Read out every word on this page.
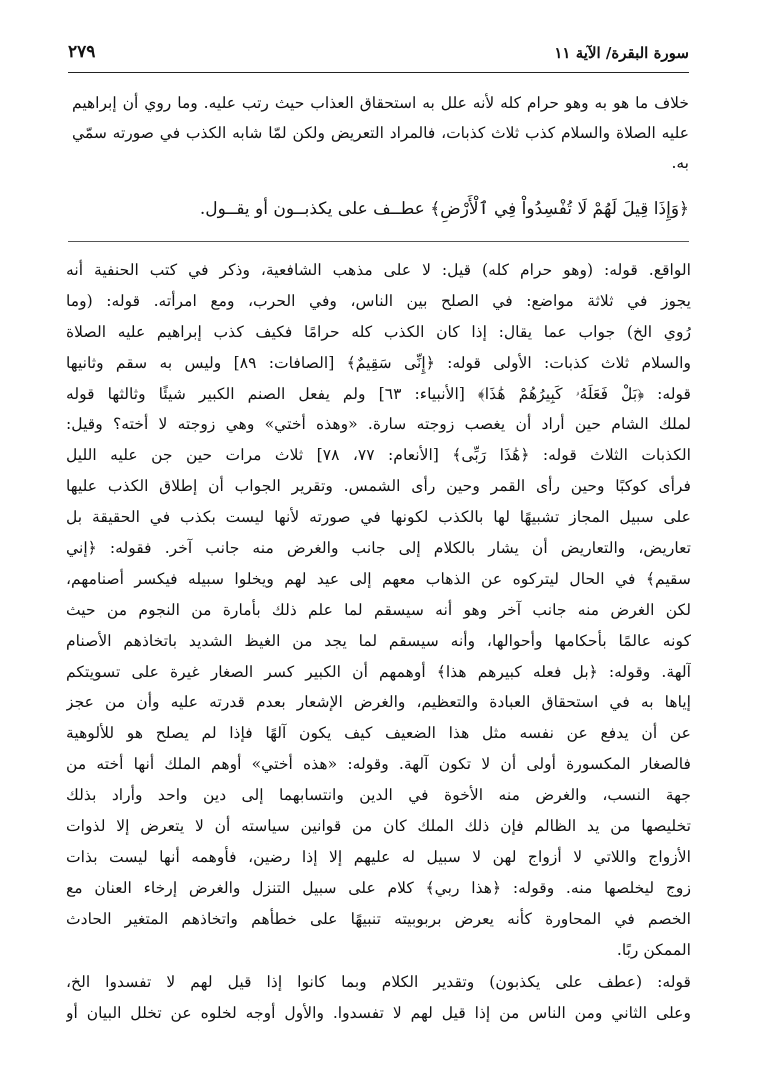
سورة البقرة/ الآية ١١
٢٧٩
خلاف ما هو به وهو حرام كله لأنه علل به استحقاق العذاب حيث رتب عليه. وما روي أن إبراهيم عليه الصلاة والسلام كذب ثلاث كذبات، فالمراد التعريض ولكن لمّا شابه الكذب في صورته سمّي به.
﴿وَإِذَا قِيلَ لَهُمْ لَا تُفْسِدُواْ فِي ٱلْأَرْضِ﴾ عطــف على يكذبــون أو يقــول.
الواقع. قوله: (وهو حرام كله) قيل: لا على مذهب الشافعية، وذكر في كتب الحنفية أنه
يجوز في ثلاثة مواضع: في الصلح بين الناس، وفي الحرب، ومع امرأته. قوله: (وما
رُوي الخ) جواب عما يقال: إذا كان الكذب كله حرامًا فكيف كذب إبراهيم عليه الصلاة
والسلام ثلاث كذبات: الأولى قوله: ﴿إِنِّى سَقِيمٌ﴾ [الصافات: ٨٩] وليس به سقم وثانيها
قوله: ﴿بَلْ فَعَلَهُۥ كَبِيرُهُمْ هَٰذَا﴾ [الأنبياء: ٦٣] ولم يفعل الصنم الكبير شيئًا وثالثها قوله
لملك الشام حين أراد أن يغصب زوجته سارة. «وهذه أختي» وهي زوجته لا أخته؟ وقيل:
الكذبات الثلاث قوله: ﴿هَٰذَا رَبِّى﴾ [الأنعام: ٧٧، ٧٨] ثلاث مرات حين جن عليه الليل
فرأى كوكبًا وحين رأى القمر وحين رأى الشمس. وتقرير الجواب أن إطلاق الكذب عليها
على سبيل المجاز تشبيهًا لها بالكذب لكونها في صورته لأنها ليست بكذب في الحقيقة بل
تعاريض، والتعاريض أن يشار بالكلام إلى جانب والغرض منه جانب آخر. فقوله: ﴿إني
سقيم﴾ في الحال ليتركوه عن الذهاب معهم إلى عيد لهم ويخلوا سبيله فيكسر أصنامهم،
لكن الغرض منه جانب آخر وهو أنه سيسقم لما علم ذلك بأمارة من النجوم من حيث
كونه عالمًا بأحكامها وأحوالها، وأنه سيسقم لما يجد من الغيظ الشديد باتخاذهم الأصنام
آلهة. وقوله: ﴿بل فعله كبيرهم هذا﴾ أوهمهم أن الكبير كسر الصغار غيرة على تسويتكم
إياها به في استحقاق العبادة والتعظيم، والغرض الإشعار بعدم قدرته عليه وأن من عجز
عن أن يدفع عن نفسه مثل هذا الضعيف كيف يكون آلهًا فإذا لم يصلح هو للألوهية
فالصغار المكسورة أولى أن لا تكون آلهة. وقوله: «هذه أختي» أوهم الملك أنها أخته من
جهة النسب، والغرض منه الأخوة في الدين وانتسابهما إلى دين واحد وأراد بذلك
تخليصها من يد الظالم فإن ذلك الملك كان من قوانين سياسته أن لا يتعرض إلا لذوات
الأزواج واللاتي لا أزواج لهن لا سبيل له عليهم إلا إذا رضين، فأوهمه أنها ليست بذات
زوج ليخلصها منه. وقوله: ﴿هذا ربي﴾ كلام على سبيل التنزل والغرض إرخاء العنان مع
الخصم في المحاورة كأنه يعرض بربوبيته تنبيهًا على خطأهم واتخاذهم المتغير الحادث
الممكن ربًا.
قوله: (عطف على يكذبون) وتقدير الكلام وبما كانوا إذا قيل لهم لا تفسدوا الخ،
وعلى الثاني ومن الناس من إذا قيل لهم لا تفسدوا. والأول أوجه لخلوه عن تخلل البيان أو
